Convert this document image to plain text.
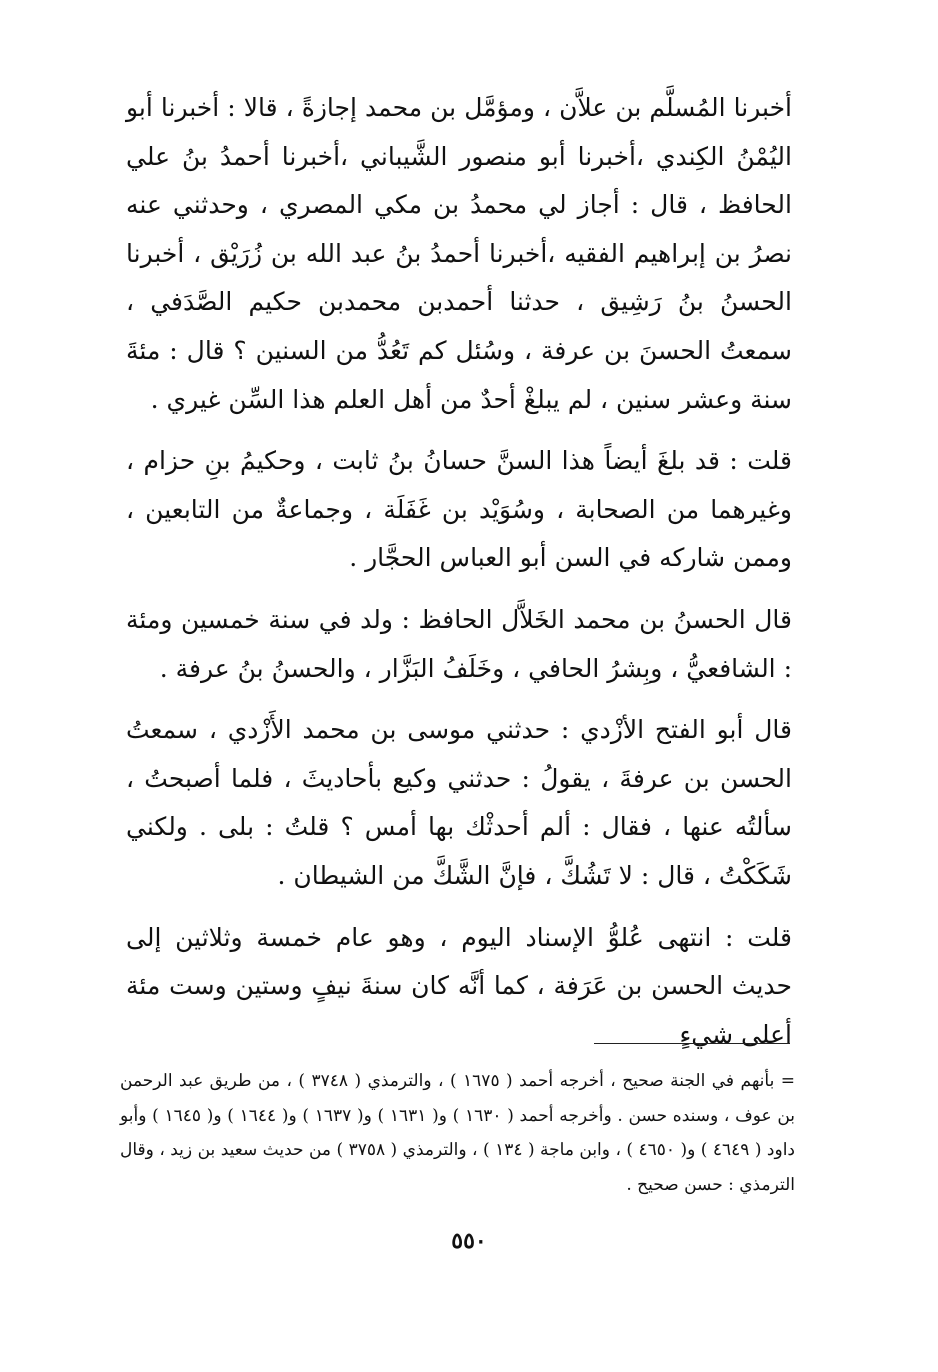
أخبرنا المُسلَّم بن علاَّن ، ومؤمَّل بن محمد إجازةً ، قالا : أخبرنا أبو اليُمْنُ الكِندي ،أخبرنا أبو منصور الشَّيباني ،أخبرنا أحمدُ بنُ علي الحافظ ، قال : أجاز لي محمدُ بن مكي المصري ، وحدثني عنه نصرُ بن إبراهيم الفقيه ،أخبرنا أحمدُ بنُ عبد الله بن زُرَيْق ، أخبرنا الحسنُ بنُ رَشِيق ، حدثنا أحمدبن محمدبن حكيم الصَّدَفي ، سمعتُ الحسنَ بن عرفة ، وسُئل كم تَعُدُّ من السنين ؟ قال : مئةَ سنة وعشر سنين ، لم يبلغْ أحدٌ من أهل العلم هذا السِّن غيري .

قلت : قد بلغَ أيضاً هذا السنَّ حسانُ بنُ ثابت ، وحكيمُ بنِ حزام ، وغيرهما من الصحابة ، وسُوَيْد بن غَفَلَة ، وجماعةٌ من التابعين ، وممن شاركه في السن أبو العباس الحجَّار .

قال الحسنُ بن محمد الخَلاَّل الحافظ : ولد في سنة خمسين ومئة : الشافعيُّ ، وبِشرُ الحافي ، وخَلَفُ البَزَّار ، والحسنُ بنُ عرفة .

قال أبو الفتح الأزْدي : حدثني موسى بن محمد الأَزْدي ، سمعتُ الحسن بن عرفةَ ، يقولُ : حدثني وكيع بأحاديثَ ، فلما أصبحتُ ، سألتُه عنها ، فقال : ألم أحدثْك بها أمس ؟ قلتُ : بلى . ولكني شَكَكْتُ ، قال : لا تَشُكَّ ، فإنَّ الشَّكَّ من الشيطان .

قلت : انتهى عُلوُّ الإسناد اليوم ، وهو عام خمسة وثلاثين إلى حديث الحسن بن عَرَفة ، كما أنَّه كان سنةَ نيفٍ وستين وست مئة أعلى شيءٍ

= بأنهم في الجنة صحيح ، أخرجه أحمد ( ١٦٧٥ ) ، والترمذي ( ٣٧٤٨ ) ، من طريق عبد الرحمن بن عوف ، وسنده حسن . وأخرجه أحمد ( ١٦٣٠ ) و( ١٦٣١ ) و( ١٦٣٧ ) و( ١٦٤٤ ) و( ١٦٤٥ ) وأبو داود ( ٤٦٤٩ ) و( ٤٦٥٠ ) ، وابن ماجة ( ١٣٤ ) ، والترمذي ( ٣٧٥٨ ) من حديث سعيد بن زيد ، وقال الترمذي : حسن صحيح .
٥٥٠
